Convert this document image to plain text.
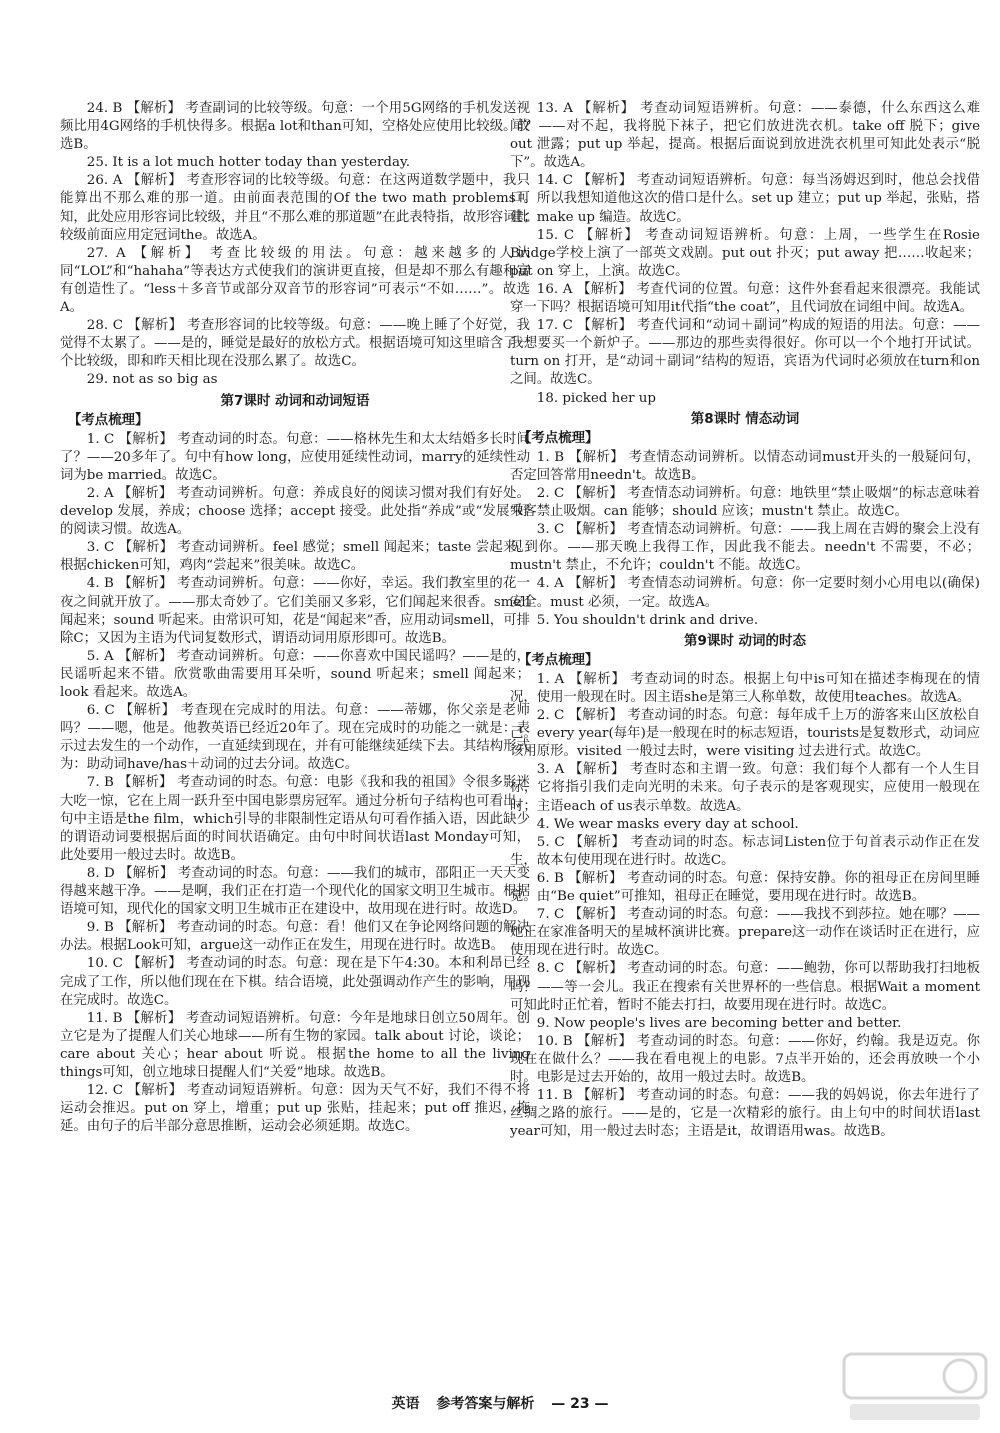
24. B 【解析】 考查副词的比较等级。句意：一个用5G网络的手机发送视频比用4G网络的手机快得多。根据a lot和than可知，空格处应使用比较级。故选B。

25. It is a lot much hotter today than yesterday.

26. A 【解析】 考查形容词的比较等级。句意：在这两道数学题中，我只能算出不那么难的那一道。由前面表范围的Of the two math problems可知，此处应用形容词比较级，并且“不那么难的那道题”在此表特指，故形容词比较级前面应用定冠词the。故选A。

27. A 【解析】 考查比较级的用法。句意：越来越多的人认同“LOL”和“hahaha”等表达方式使我们的演讲更直接，但是却不那么有趣和富有创造性了。“less＋多音节或部分双音节的形容词”可表示“不如……”。故选A。

28. C 【解析】 考查形容词的比较等级。句意：——晚上睡了个好觉，我觉得不太累了。——是的，睡觉是最好的放松方式。根据语境可知这里暗含了一个比较级，即和昨天相比现在没那么累了。故选C。

29. not as so big as

第7课时 动词和动词短语
【考点梳理】

1. C 【解析】 考查动词的时态。句意：——格林先生和太太结婚多长时间了？——20多年了。句中有how long，应使用延续性动词，marry的延续性动词为be married。故选C。

2. A 【解析】 考查动词辨析。句意：养成良好的阅读习惯对我们有好处。develop 发展，养成；choose 选择；accept 接受。此处指“养成”或“发展”好的阅读习惯。故选A。

3. C 【解析】 考查动词辨析。feel 感觉；smell 闻起来；taste 尝起来。根据chicken可知，鸡肉“尝起来”很美味。故选C。

4. B 【解析】 考查动词辨析。句意：——你好，幸运。我们教室里的花一夜之间就开放了。——那太奇妙了。它们美丽又多彩，它们闻起来很香。smell 闻起来；sound 听起来。由常识可知，花是“闻起来”香，应用动词smell，可排除C；又因为主语为代词复数形式，谓语动词用原形即可。故选B。

5. A 【解析】 考查动词辨析。句意：——你喜欢中国民谣吗？——是的，民谣听起来不错。欣赏歌曲需要用耳朵听，sound 听起来；smell 闻起来；look 看起来。故选A。

6. C 【解析】 考查现在完成时的用法。句意：——蒂娜，你父亲是老师吗？——嗯，他是。他教英语已经近20年了。现在完成时的功能之一就是：表示过去发生的一个动作，一直延续到现在，并有可能继续延续下去。其结构形式为：助动词have/has＋动词的过去分词。故选C。

7. B 【解析】 考查动词的时态。句意：电影《我和我的祖国》令很多影迷大吃一惊，它在上周一跃升至中国电影票房冠军。通过分析句子结构也可看出，句中主语是the film，which引导的非限制性定语从句可看作插入语，因此缺少的谓语动词要根据后面的时间状语确定。由句中时间状语last Monday可知，此处要用一般过去时。故选B。

8. D 【解析】 考查动词的时态。句意：——我们的城市，邵阳正一天天变得越来越干净。——是啊，我们正在打造一个现代化的国家文明卫生城市。根据语境可知，现代化的国家文明卫生城市正在建设中，故用现在进行时。故选D。

9. B 【解析】 考查动词的时态。句意：看！他们又在争论网络问题的解决办法。根据Look可知，argue这一动作正在发生，用现在进行时。故选B。

10. C 【解析】 考查动词的时态。句意：现在是下午4:30。本和利昂已经完成了工作，所以他们现在在下棋。结合语境，此处强调动作产生的影响，用现在完成时。故选C。

11. B 【解析】 考查动词短语辨析。句意：今年是地球日创立50周年。创立它是为了提醒人们关心地球——所有生物的家园。talk about 讨论，谈论；care about 关心；hear about 听说。根据the home to all the living things可知，创立地球日提醒人们“关爱”地球。故选B。

12. C 【解析】 考查动词短语辨析。句意：因为天气不好，我们不得不将运动会推迟。put on 穿上，增重；put up 张贴，挂起来；put off 推迟，拖延。由句子的后半部分意思推断，运动会必须延期。故选C。

13. A 【解析】 考查动词短语辨析。句意：——泰德，什么东西这么难闻？——对不起，我将脱下袜子，把它们放进洗衣机。take off 脱下；give out 泄露；put up 举起，提高。根据后面说到放进洗衣机里可知此处表示“脱下”。故选A。

14. C 【解析】 考查动词短语辨析。句意：每当汤姆迟到时，他总会找借口。所以我想知道他这次的借口是什么。set up 建立；put up 举起，张贴，搭建；make up 编造。故选C。

15. C 【解析】 考查动词短语辨析。句意：上周，一些学生在Rosie Bridge学校上演了一部英文戏剧。put out 扑灭；put away 把……收起来；put on 穿上，上演。故选C。

16. A 【解析】 考查代词的位置。句意：这件外套看起来很漂亮。我能试穿一下吗？根据语境可知用it代指“the coat”，且代词放在词组中间。故选A。

17. C 【解析】 考查代词和“动词＋副词”构成的短语的用法。句意：——我想要买一个新炉子。——那边的那些卖得很好。你可以一个个地打开试试。turn on 打开，是“动词＋副词”结构的短语，宾语为代词时必须放在turn和on之间。故选C。

18. picked her up

第8课时 情态动词
【考点梳理】

1. B 【解析】 考查情态动词辨析。以情态动词must开头的一般疑问句，否定回答常用needn't。故选B。

2. C 【解析】 考查情态动词辨析。句意：地铁里“禁止吸烟”的标志意味着乘客禁止吸烟。can 能够；should 应该；mustn't 禁止。故选C。

3. C 【解析】 考查情态动词辨析。句意：——我上周在吉姆的聚会上没有见到你。——那天晚上我得工作，因此我不能去。needn't 不需要，不必；mustn't 禁止，不允许；couldn't 不能。故选C。

4. A 【解析】 考查情态动词辨析。句意：你一定要时刻小心用电以(确保)安全。must 必须，一定。故选A。

5. You shouldn't drink and drive.

第9课时 动词的时态
【考点梳理】

1. A 【解析】 考查动词的时态。根据上句中is可知在描述李梅现在的情况，使用一般现在时。因主语she是第三人称单数，故使用teaches。故选A。

2. C 【解析】 考查动词的时态。句意：每年成千上万的游客来山区放松自己。every year(每年)是一般现在时的标志短语，tourists是复数形式，动词应该用原形。visited 一般过去时，were visiting 过去进行式。故选C。

3. A 【解析】 考查时态和主谓一致。句意：我们每个人都有一个人生目标，它将指引我们走向光明的未来。句子表示的是客观现实，应使用一般现在时；主语each of us表示单数。故选A。

4. We wear masks every day at school.

5. C 【解析】 考查动词的时态。标志词Listen位于句首表示动作正在发生，故本句使用现在进行时。故选C。

6. B 【解析】 考查动词的时态。句意：保持安静。你的祖母正在房间里睡觉。由“Be quiet”可推知，祖母正在睡觉，要用现在进行时。故选B。

7. C 【解析】 考查动词的时态。句意：——我找不到莎拉。她在哪？——她正在家准备明天的星城杯演讲比赛。prepare这一动作在谈话时正在进行，应使用现在进行时。故选C。

8. C 【解析】 考查动词的时态。句意：——鲍勃，你可以帮助我打扫地板吗？——等一会儿。我正在搜索有关世界杯的一些信息。根据Wait a moment可知此时正忙着，暂时不能去打扫，故要用现在进行时。故选C。

9. Now people's lives are becoming better and better.

10. B 【解析】 考查动词的时态。句意：——你好，约翰。我是迈克。你现在在做什么？——我在看电视上的电影。7点半开始的，还会再放映一个小时。电影是过去开始的，故用一般过去时。故选B。

11. B 【解析】 考查动词的时态。句意：——我的妈妈说，你去年进行了丝绸之路的旅行。——是的，它是一次精彩的旅行。由上句中的时间状语last year可知，用一般过去时态；主语是it，故谓语用was。故选B。

英语 参考答案与解析 — 23 —
